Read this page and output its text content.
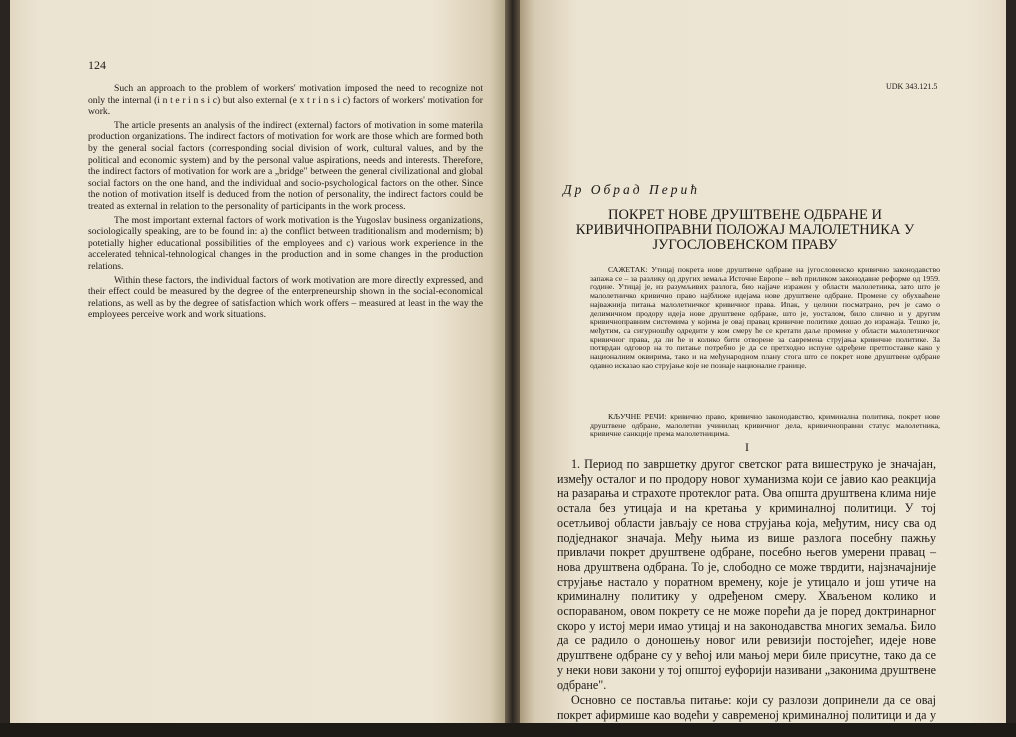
124

Such an approach to the problem of workers' motivation imposed the need to recognize not only the internal (i n t e r i n s i c) but also external (e x t r i n s i c) factors of workers' motivation for work.

The article presents an analysis of the indirect (external) factors of motivation in some materila production organizations. The indirect factors of motivation for work are those which are formed both by the general social factors (corresponding social division of work, cultural values, and by the political and economic system) and by the personal value aspirations, needs and interests. Therefore, the indirect factors of motivation for work are a „bridge" between the general civilizational and global social factors on the one hand, and the individual and socio-psychological factors on the other. Since the notion of motivation itself is deduced from the notion of personality, the indirect factors could be treated as external in relation to the personality of participants in the work process.

The most important external factors of work motivation is the Yugoslav business organizations, sociologically speaking, are to be found in: a) the conflict between traditionalism and modernism; b) potetially higher educational possibilities of the employees and c) various work experience in the accelerated tehnical-tehnological changes in the production and in some changes in the production relations.

Within these factors, the individual factors of work motivation are more directly expressed, and their effect could be measured by the degree of the enterpreneurship shown in the social-economical relations, as well as by the degree of satisfaction which work offers – measured at least in the way the employees perceive work and work situations.

UDK 343.121.5
Др Обрад Перић
ПОКРЕТ НОВЕ ДРУШТВЕНЕ ОДБРАНЕ И КРИВИЧНОПРАВНИ ПОЛОЖАЈ МАЛОЛЕТНИКА У ЈУГОСЛОВЕНСКОМ ПРАВУ

САЖЕТАК: Утицај покрета нове друштвене одбране на југословенско кривично законодавство запажа се – за разлику од других земаља Источне Европе – већ приликом законодавне реформе од 1959. године. Утицај је, из разумљивих разлога, био најјаче изражен у области малолетника, зато што је малолетничко кривично право најближе идејама нове друштвене одбране. Промене су обухваћене најважнија питања малолетничког кривичног права. Ипак, у целини посматрано, реч је само о делимичном продору идеја нове друштвене одбране, што је, уосталом, било слично и у другим кривичноправним системима у којима је овај правац кривичне политике дошао до изражаја. Тешко је, међутим, са сигурношћу одредити у ком смеру ће се кретати даље промене у области малолетничког кривичног права, да ли ће и колико бити отворене за савремена струјања кривичне политике. За потврдан одговор на то питање потребно је да се претходно испуне одређене претпоставке како у националним оквирима, тако и на међународном плану стога што се покрет нове друштвене одбране одавно исказао као струјање које не познаје националне границе.

КЉУЧНЕ РЕЧИ: кривично право, кривично законодавство, криминална политика, покрет нове друштвене одбране, малолетни учинилац кривичног дела, кривичноправни статус малолетника, кривичне санкције према малолетницима.
I

1. Период по завршетку другог светског рата вишеструко је значајан, између осталог и по продору новог хуманизма који се јавио као реакција на разарања и страхоте протеклог рата. Ова општа друштвена клима није остала без утицаја и на кретања у криминалној политици. У тој осетљивој области јављају се нова струјања која, међутим, нису сва од подједнаког значаја. Међу њима из више разлога посебну пажњу привлачи покрет друштвене одбране, посебно његов умерени правац – нова друштвена одбрана. То је, слободно се може тврдити, најзначајније струјање настало у поратном времену, које је утицало и још утиче на криминалну политику у одређеном смеру. Хваљеном колико и оспораваном, овом покрету се не може порећи да је поред доктринарног скоро у истој мери имао утицај и на законодавства многих земаља. Било да се радило о доношењу новог или ревизији постојећег, идеје нове друштвене одбране су у већој или мањој мери биле присутне, тако да се у неки нови закони у тој општој еуфорији називани „законима друштвене одбране".

Основно се поставља питање: који су разлози допринели да се овај покрет афирмише као водећи у савременој криминалној политици и да у тако
